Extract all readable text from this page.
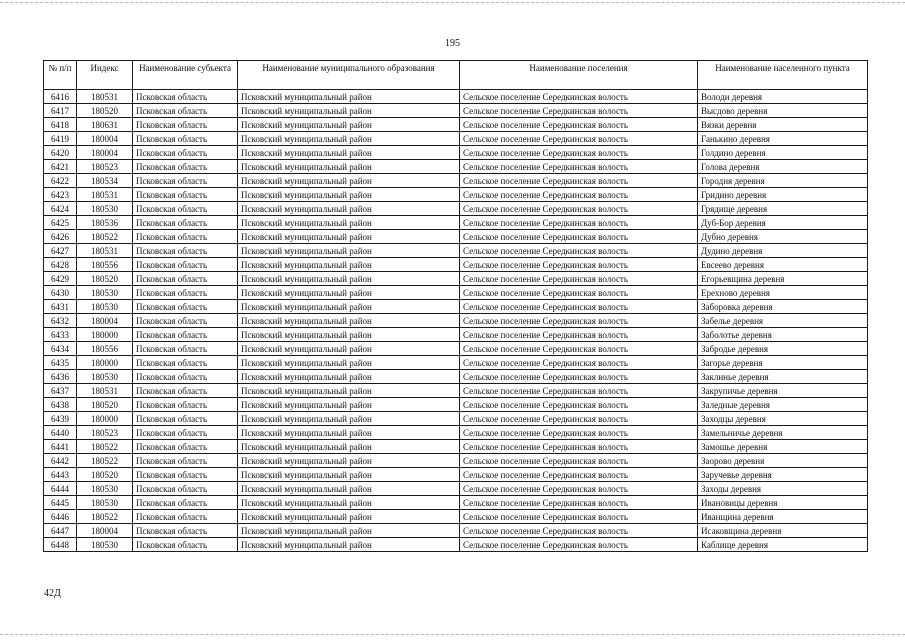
195
№ п/п	Индекс	Наименование субъекта	Наименование муниципального образования	Наименование поселения	Наименование населенного пункта
6416	180531	Псковская область	Псковский муниципальный район	Сельское поселение Середкинская волость	Володи деревня
6417	180520	Псковская область	Псковский муниципальный район	Сельское поселение Середкинская волость	Высдово деревня
6418	180631	Псковская область	Псковский муниципальный район	Сельское поселение Середкинская волость	Вязки деревня
6419	180004	Псковская область	Псковский муниципальный район	Сельское поселение Середкинская волость	Ганькино деревня
6420	180004	Псковская область	Псковский муниципальный район	Сельское поселение Середкинская волость	Голдино деревня
6421	180523	Псковская область	Псковский муниципальный район	Сельское поселение Середкинская волость	Голова деревня
6422	180534	Псковская область	Псковский муниципальный район	Сельское поселение Середкинская волость	Городня деревня
6423	180531	Псковская область	Псковский муниципальный район	Сельское поселение Середкинская волость	Гридино деревня
6424	180530	Псковская область	Псковский муниципальный район	Сельское поселение Середкинская волость	Грядище деревня
6425	180536	Псковская область	Псковский муниципальный район	Сельское поселение Середкинская волость	Дуб-Бор деревня
6426	180522	Псковская область	Псковский муниципальный район	Сельское поселение Середкинская волость	Дубно деревня
6427	180531	Псковская область	Псковский муниципальный район	Сельское поселение Середкинская волость	Дудино деревня
6428	180556	Псковская область	Псковский муниципальный район	Сельское поселение Середкинская волость	Евсеево деревня
6429	180520	Псковская область	Псковский муниципальный район	Сельское поселение Середкинская волость	Егорьевщина деревня
6430	180530	Псковская область	Псковский муниципальный район	Сельское поселение Середкинская волость	Ерехново деревня
6431	180530	Псковская область	Псковский муниципальный район	Сельское поселение Середкинская волость	Заборовка деревня
6432	180004	Псковская область	Псковский муниципальный район	Сельское поселение Середкинская волость	Забелье деревня
6433	180000	Псковская область	Псковский муниципальный район	Сельское поселение Середкинская волость	Заболотье деревня
6434	180556	Псковская область	Псковский муниципальный район	Сельское поселение Середкинская волость	Забродье деревня
6435	180000	Псковская область	Псковский муниципальный район	Сельское поселение Середкинская волость	Загорье деревня
6436	180530	Псковская область	Псковский муниципальный район	Сельское поселение Середкинская волость	Заклинье деревня
6437	180531	Псковская область	Псковский муниципальный район	Сельское поселение Середкинская волость	Закрупичье деревня
6438	180520	Псковская область	Псковский муниципальный район	Сельское поселение Середкинская волость	Заледные деревня
6439	180000	Псковская область	Псковский муниципальный район	Сельское поселение Середкинская волость	Заходцы деревня
6440	180523	Псковская область	Псковский муниципальный район	Сельское поселение Середкинская волость	Замельничье деревня
6441	180522	Псковская область	Псковский муниципальный район	Сельское поселение Середкинская волость	Замошье деревня
6442	180522	Псковская область	Псковский муниципальный район	Сельское поселение Середкинская волость	Заорово деревня
6443	180520	Псковская область	Псковский муниципальный район	Сельское поселение Середкинская волость	Заручевье деревня
6444	180530	Псковская область	Псковский муниципальный район	Сельское поселение Середкинская волость	Заходы деревня
6445	180530	Псковская область	Псковский муниципальный район	Сельское поселение Середкинская волость	Ивановицы деревня
6446	180522	Псковская область	Псковский муниципальный район	Сельское поселение Середкинская волость	Иванщина деревня
6447	180004	Псковская область	Псковский муниципальный район	Сельское поселение Середкинская волость	Исаковщина деревня
6448	180530	Псковская область	Псковский муниципальный район	Сельское поселение Середкинская волость	Каблище деревня
42Д
